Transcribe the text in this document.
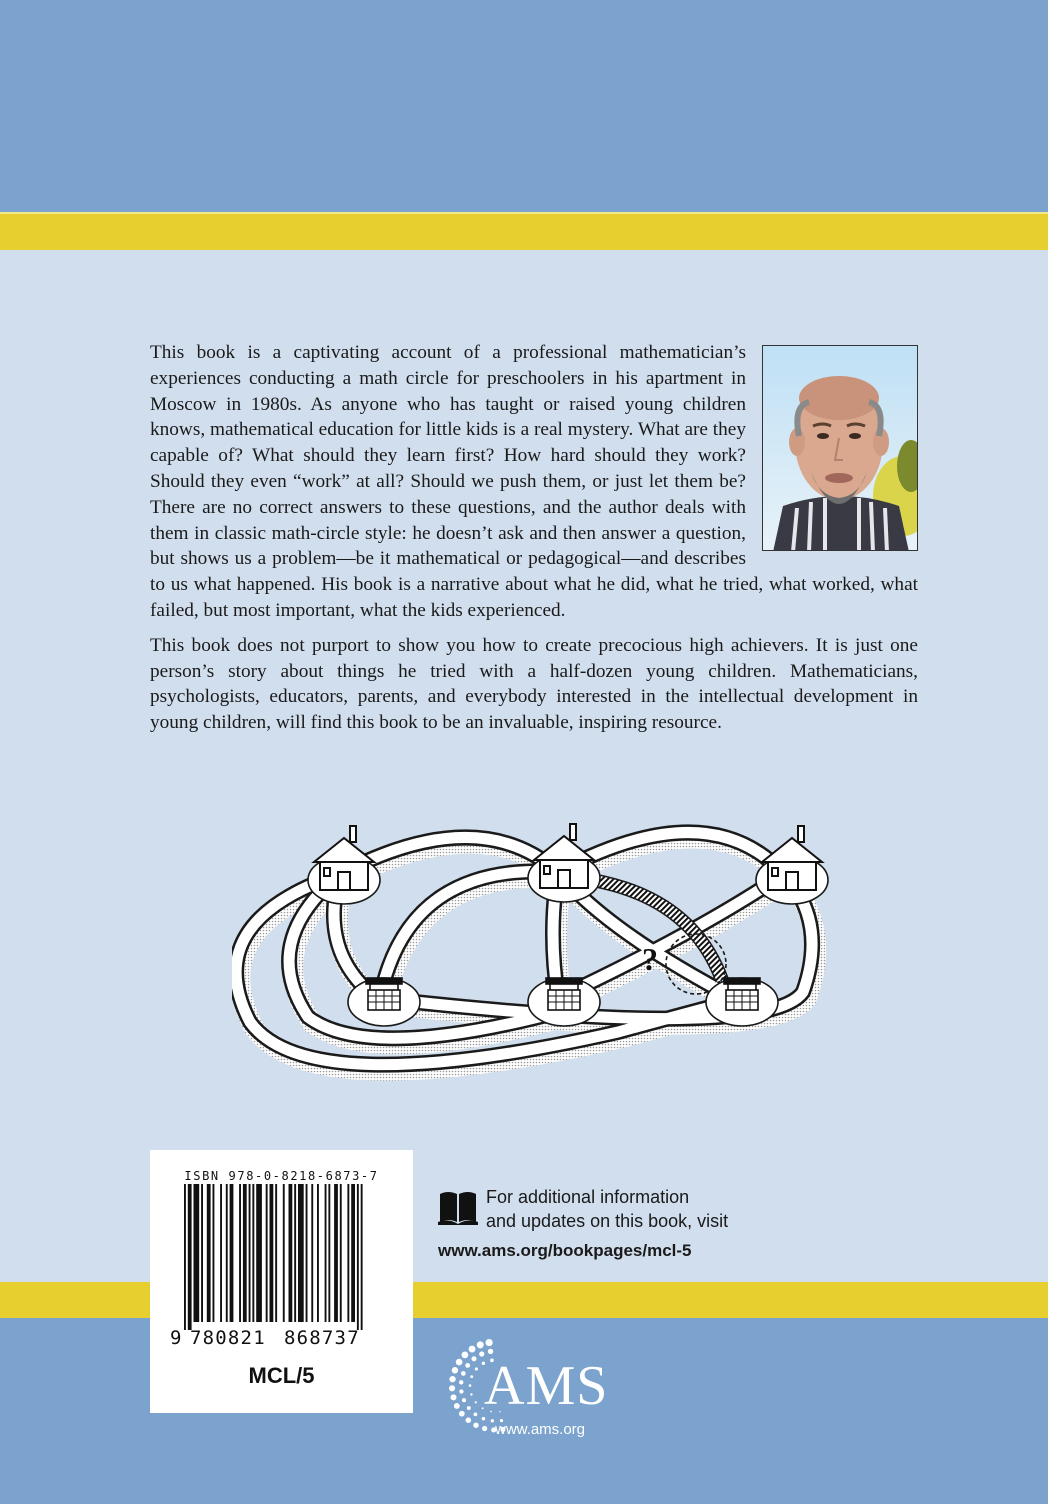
This book is a captivating account of a professional mathematician’s experiences conducting a math circle for preschoolers in his apartment in Moscow in 1980s. As anyone who has taught or raised young children knows, mathematical education for little kids is a real mystery. What are they capable of? What should they learn first? How hard should they work? Should they even “work” at all? Should we push them, or just let them be? There are no correct answers to these questions, and the author deals with them in classic math-circle style: he doesn’t ask and then answer a question, but shows us a problem—be it mathematical or pedagogical—and describes to us what happened. His book is a narrative about what he did, what he tried, what worked, what failed, but most important, what the kids experienced.

This book does not purport to show you how to create precocious high achievers. It is just one person’s story about things he tried with a half-dozen young children. Mathematicians, psychologists, educators, parents, and everybody interested in the intellectual development in young children, will find this book to be an invaluable, inspiring resource.

?
ISBN 978-0-8218-6873-7
9 780821 868737
MCL/5
For additional information
and updates on this book, visit
www.ams.org/bookpages/mcl-5
AMS
www.ams.org
